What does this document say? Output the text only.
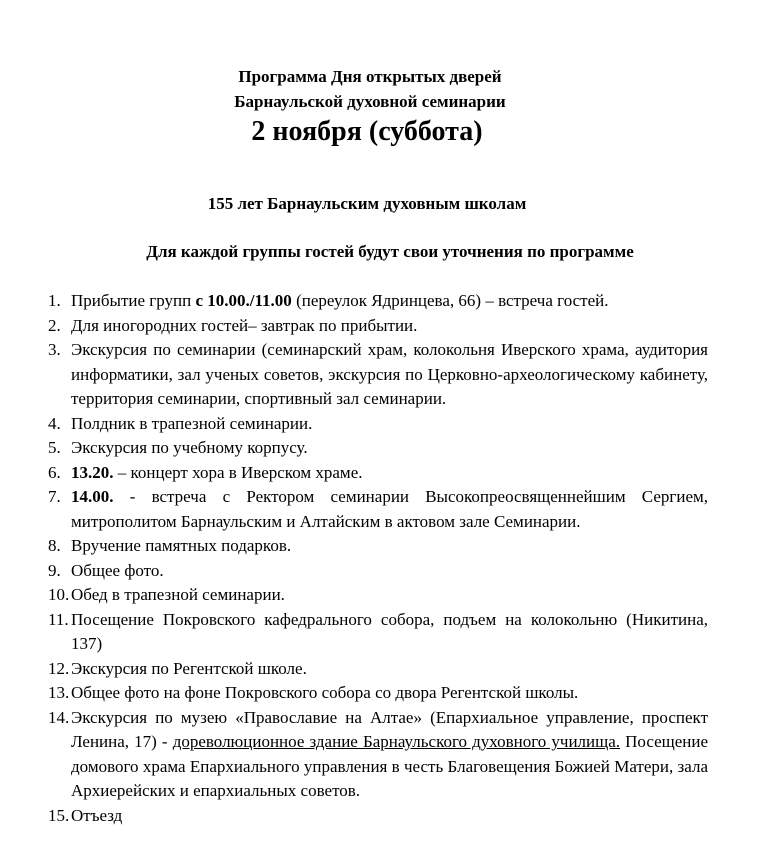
Программа Дня открытых дверей
Барнаульской духовной семинарии
2 ноября (суббота)
155 лет Барнаульским духовным школам
Для каждой группы гостей будут свои уточнения по программе
1. Прибытие групп с 10.00./11.00 (переулок Ядринцева, 66) – встреча гостей.
2. Для иногородних гостей– завтрак по прибытии.
3. Экскурсия по семинарии (семинарский храм, колокольня Иверского храма, аудитория информатики, зал ученых советов, экскурсия по Церковно-археологическому кабинету, территория семинарии, спортивный зал семинарии.
4. Полдник в трапезной семинарии.
5. Экскурсия по учебному корпусу.
6. 13.20. – концерт хора в Иверском храме.
7. 14.00. - встреча с Ректором семинарии Высокопреосвященнейшим Сергием, митрополитом Барнаульским и Алтайским в актовом зале Семинарии.
8. Вручение памятных подарков.
9. Общее фото.
10. Обед в трапезной семинарии.
11. Посещение Покровского кафедрального собора, подъем на колокольню (Никитина, 137)
12. Экскурсия по Регентской школе.
13. Общее фото на фоне Покровского собора со двора Регентской школы.
14. Экскурсия по музею «Православие на Алтае» (Епархиальное управление, проспект Ленина, 17) - дореволюционное здание Барнаульского духовного училища. Посещение домового храма Епархиального управления в честь Благовещения Божией Матери, зала Архиерейских и епархиальных советов.
15. Отъезд
